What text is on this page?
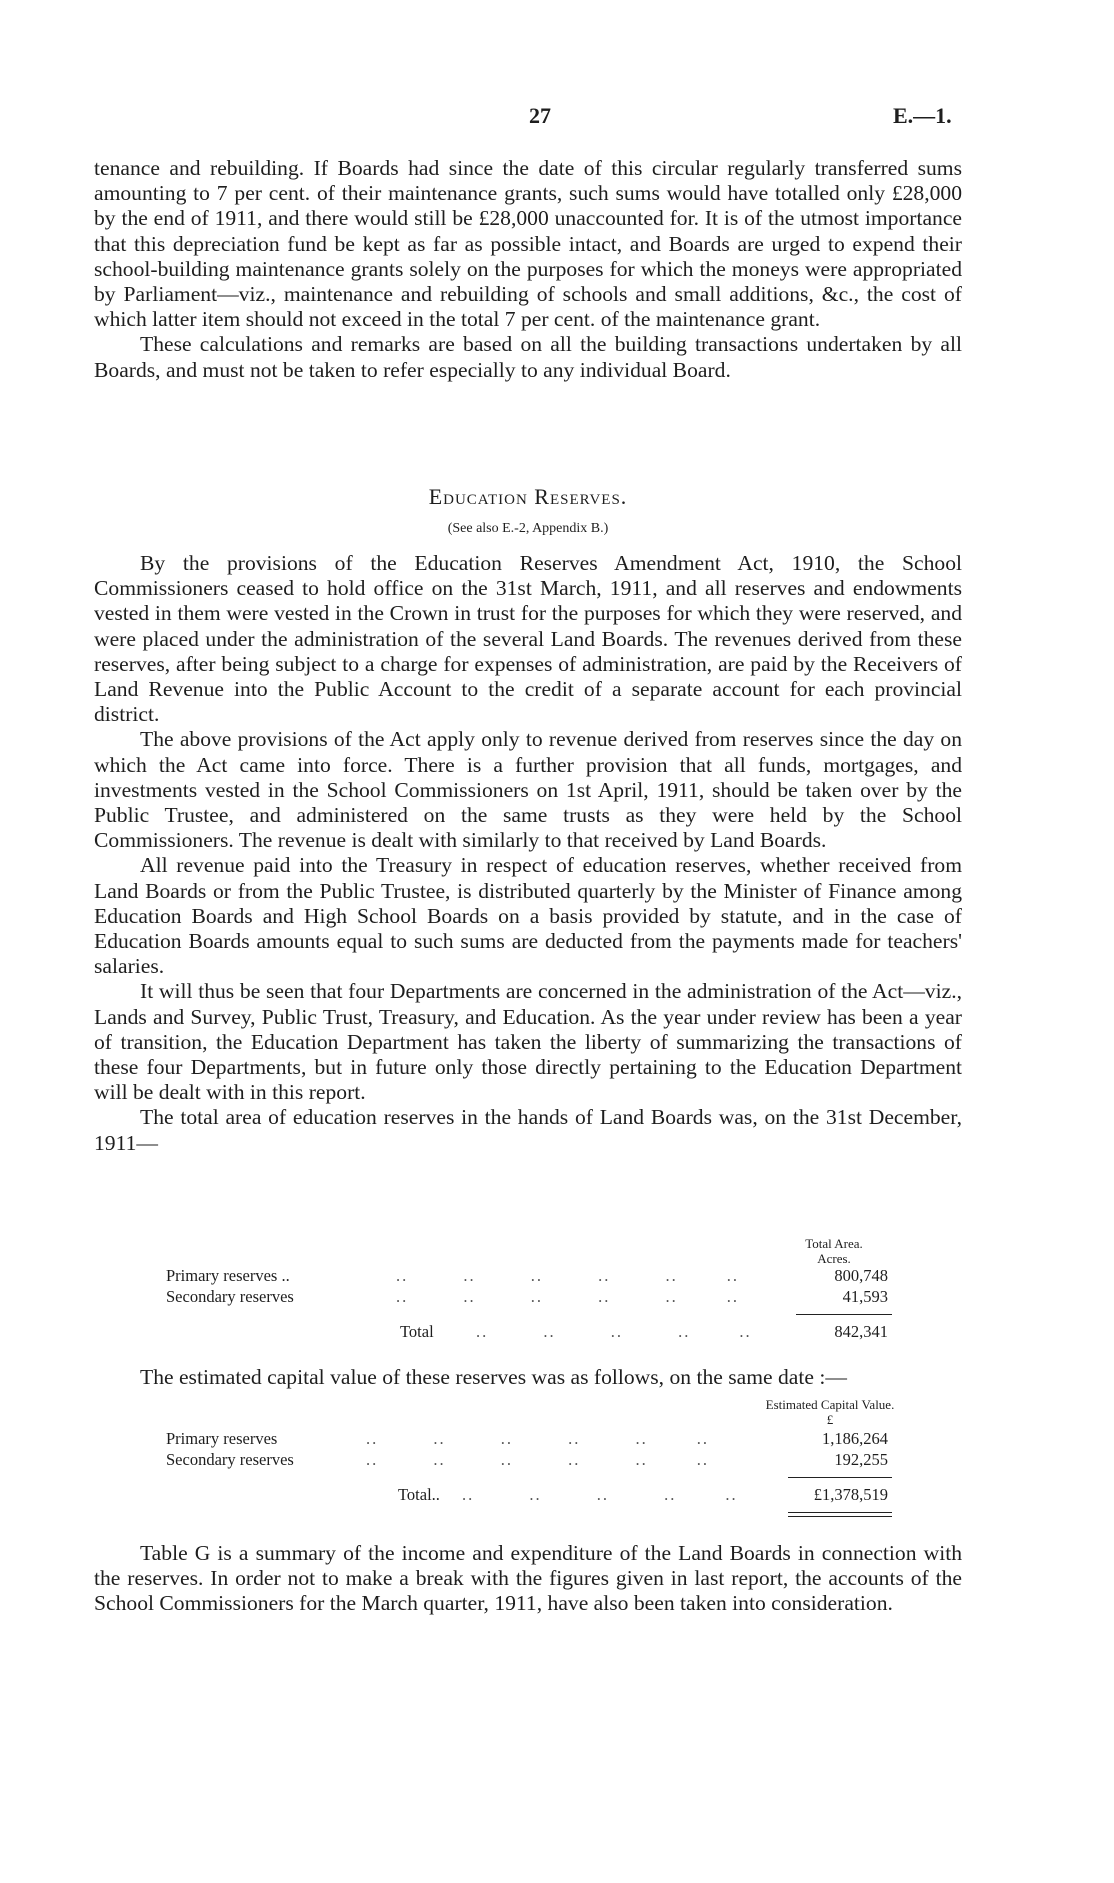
27	E.—1.

tenance and rebuilding. If Boards had since the date of this circular regularly transferred sums amounting to 7 per cent. of their maintenance grants, such sums would have totalled only £28,000 by the end of 1911, and there would still be £28,000 unaccounted for. It is of the utmost importance that this depreciation fund be kept as far as possible intact, and Boards are urged to expend their school-building maintenance grants solely on the purposes for which the moneys were appropriated by Parliament—viz., maintenance and rebuilding of schools and small additions, &c., the cost of which latter item should not exceed in the total 7 per cent. of the maintenance grant.

These calculations and remarks are based on all the building transactions undertaken by all Boards, and must not be taken to refer especially to any individual Board.

Education Reserves.
(See also E.-2, Appendix B.)

By the provisions of the Education Reserves Amendment Act, 1910, the School Commissioners ceased to hold office on the 31st March, 1911, and all reserves and endowments vested in them were vested in the Crown in trust for the purposes for which they were reserved, and were placed under the administration of the several Land Boards. The revenues derived from these reserves, after being subject to a charge for expenses of administration, are paid by the Receivers of Land Revenue into the Public Account to the credit of a separate account for each provincial district.

The above provisions of the Act apply only to revenue derived from reserves since the day on which the Act came into force. There is a further provision that all funds, mortgages, and investments vested in the School Commissioners on 1st April, 1911, should be taken over by the Public Trustee, and administered on the same trusts as they were held by the School Commissioners. The revenue is dealt with similarly to that received by Land Boards.

All revenue paid into the Treasury in respect of education reserves, whether received from Land Boards or from the Public Trustee, is distributed quarterly by the Minister of Finance among Education Boards and High School Boards on a basis provided by statute, and in the case of Education Boards amounts equal to such sums are deducted from the payments made for teachers' salaries.

It will thus be seen that four Departments are concerned in the administration of the Act—viz., Lands and Survey, Public Trust, Treasury, and Education. As the year under review has been a year of transition, the Education Department has taken the liberty of summarizing the transactions of these four Departments, but in future only those directly pertaining to the Education Department will be dealt with in this report.

The total area of education reserves in the hands of Land Boards was, on the 31st December, 1911—

Total Area.
Acres.
Primary reserves ..	..         ..         ..         ..         ..        ..	800,748
Secondary reserves	..         ..         ..         ..         ..        ..	41,593
Total	..         ..         ..         ..        ..	842,341

The estimated capital value of these reserves was as follows, on the same date :—

Estimated Capital Value.
£
Primary reserves	..         ..         ..         ..         ..        ..	1,186,264
Secondary reserves	..         ..         ..         ..         ..        ..	192,255
Total.. ..         ..         ..         ..        ..	£1,378,519

Table G is a summary of the income and expenditure of the Land Boards in connection with the reserves. In order not to make a break with the figures given in last report, the accounts of the School Commissioners for the March quarter, 1911, have also been taken into consideration.
